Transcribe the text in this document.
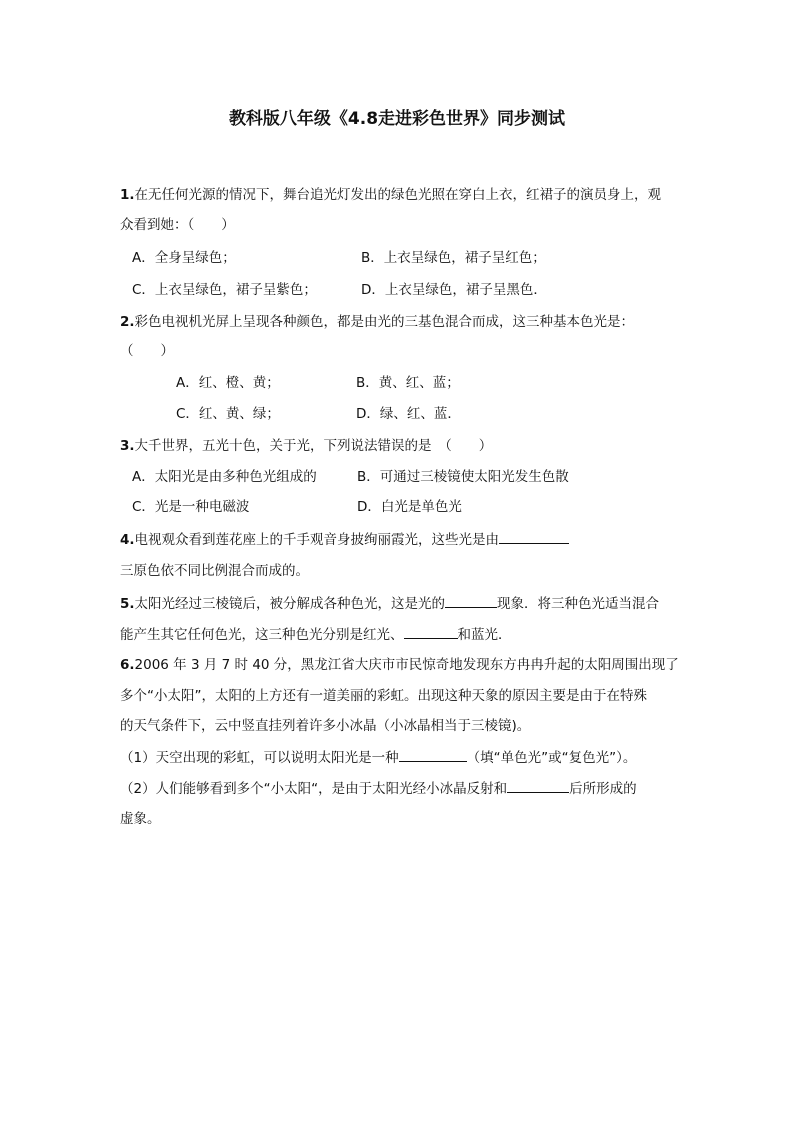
教科版八年级《4.8走进彩色世界》同步测试
1.在无任何光源的情况下，舞台追光灯发出的绿色光照在穿白上衣，红裙子的演员身上，观
众看到她：（　　）
A．全身呈绿色；	B．上衣呈绿色，裙子呈红色；
C．上衣呈绿色，裙子呈紫色；	D．上衣呈绿色，裙子呈黑色．
2.彩色电视机光屏上呈现各种颜色，都是由光的三基色混合而成，这三种基本色光是：
（　　）
A．红、橙、黄；	B．黄、红、蓝；
C．红、黄、绿；	D．绿、红、蓝．
3.大千世界，五光十色，关于光，下列说法错误的是　（　　）
A．太阳光是由多种色光组成的	B．可通过三棱镜使太阳光发生色散
C．光是一种电磁波	D．白光是单色光
4.电视观众看到莲花座上的千手观音身披绚丽霞光，这些光是由
三原色依不同比例混合而成的。
5.太阳光经过三棱镜后，被分解成各种色光，这是光的	现象．将三种色光适当混合
能产生其它任何色光，这三种色光分别是红光、	和蓝光．
6.2006 年 3 月 7 时 40 分，黑龙江省大庆市市民惊奇地发现东方冉冉升起的太阳周围出现了
多个“小太阳”，太阳的上方还有一道美丽的彩虹。出现这种天象的原因主要是由于在特殊
的天气条件下，云中竖直挂列着许多小冰晶（小冰晶相当于三棱镜)。
（1）天空出现的彩虹，可以说明太阳光是一种	（填“单色光”或“复色光”）。
（2）人们能够看到多个“小太阳“，是由于太阳光经小冰晶反射和	后所形成的
虚象。
